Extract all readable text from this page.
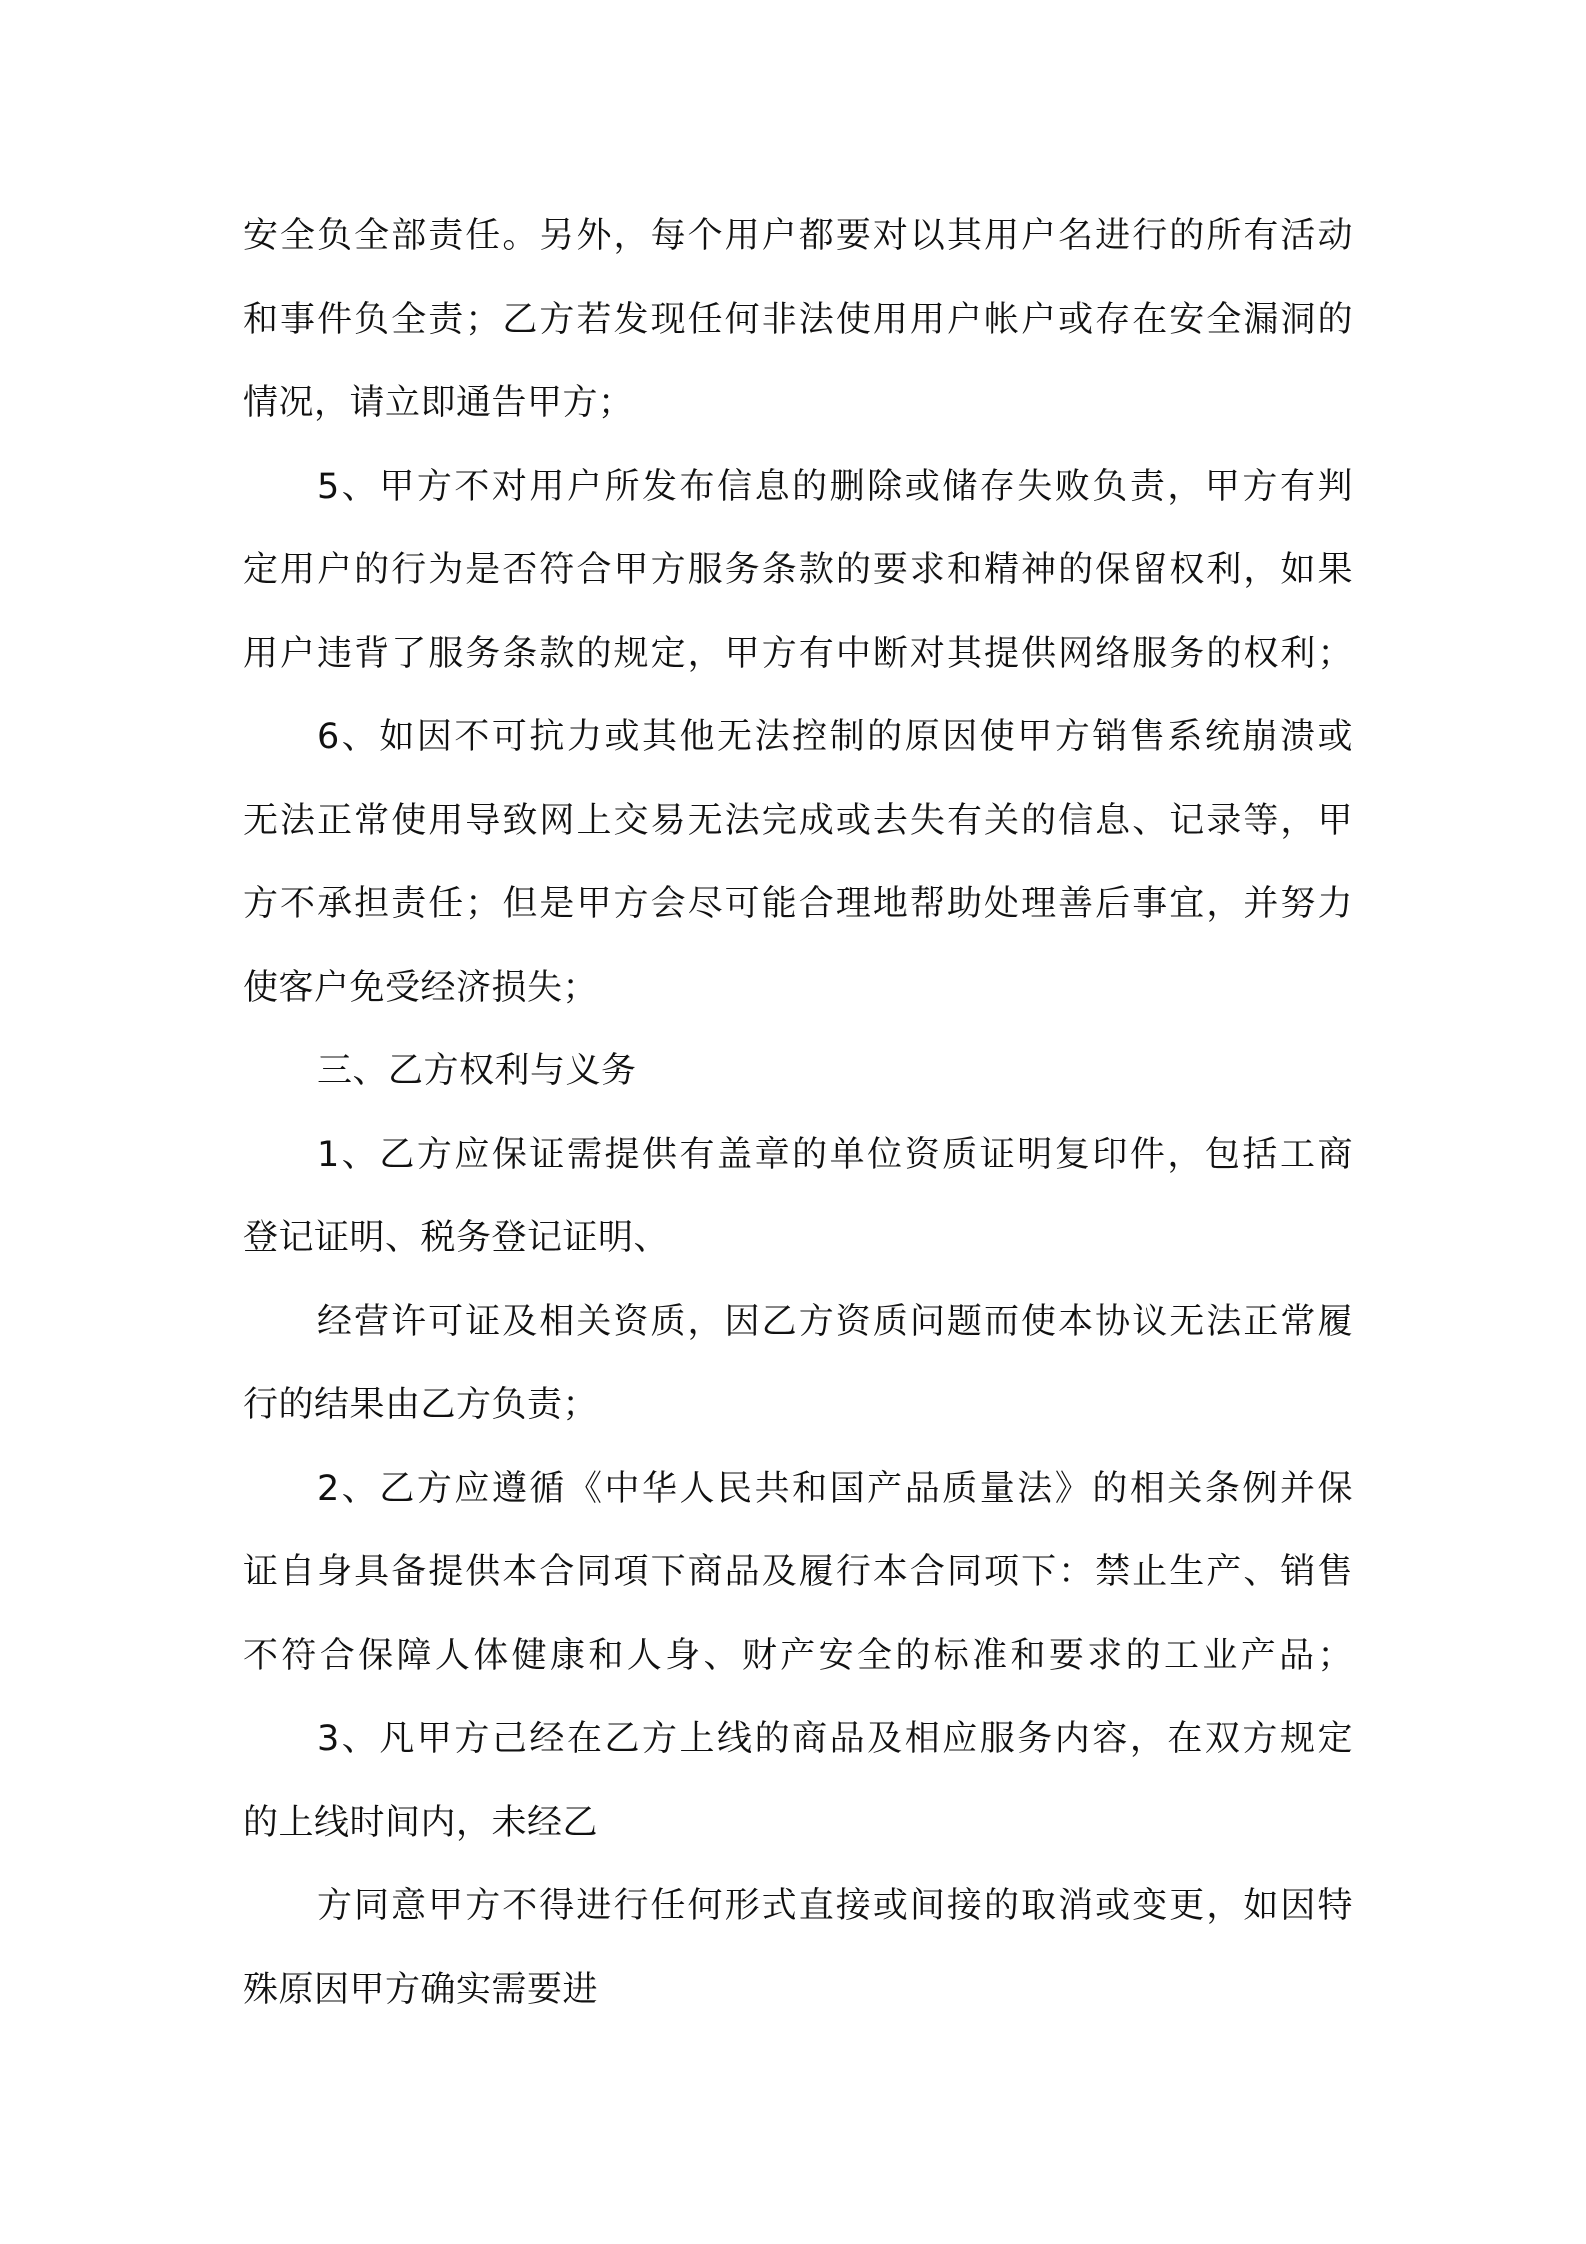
安全负全部责任。另外，每个用户都要对以其用户名进行的所有活动
和事件负全责；乙方若发现任何非法使用用户帐户或存在安全漏洞的
情况，请立即通告甲方；
5、甲方不对用户所发布信息的删除或储存失败负责，甲方有判
定用户的行为是否符合甲方服务条款的要求和精神的保留权利，如果
用户违背了服务条款的规定，甲方有中断对其提供网络服务的权利；
6、如因不可抗力或其他无法控制的原因使甲方销售系统崩溃或
无法正常使用导致网上交易无法完成或去失有关的信息、记录等，甲
方不承担责任；但是甲方会尽可能合理地帮助处理善后事宜，并努力
使客户免受经济损失；
三、乙方权利与义务
1、乙方应保证需提供有盖章的单位资质证明复印件，包括工商
登记证明、税务登记证明、
经营许可证及相关资质，因乙方资质问题而使本协议无法正常履
行的结果由乙方负责；
2、乙方应遵循《中华人民共和国产品质量法》的相关条例并保
证自身具备提供本合同項下商品及履行本合同项下：禁止生产、销售
不符合保障人体健康和人身、财产安全的标准和要求的工业产品；
3、凡甲方己经在乙方上线的商品及相应服务内容，在双方规定
的上线时间内，未经乙
方同意甲方不得进行任何形式直接或间接的取消或变更，如因特
殊原因甲方确实需要进
